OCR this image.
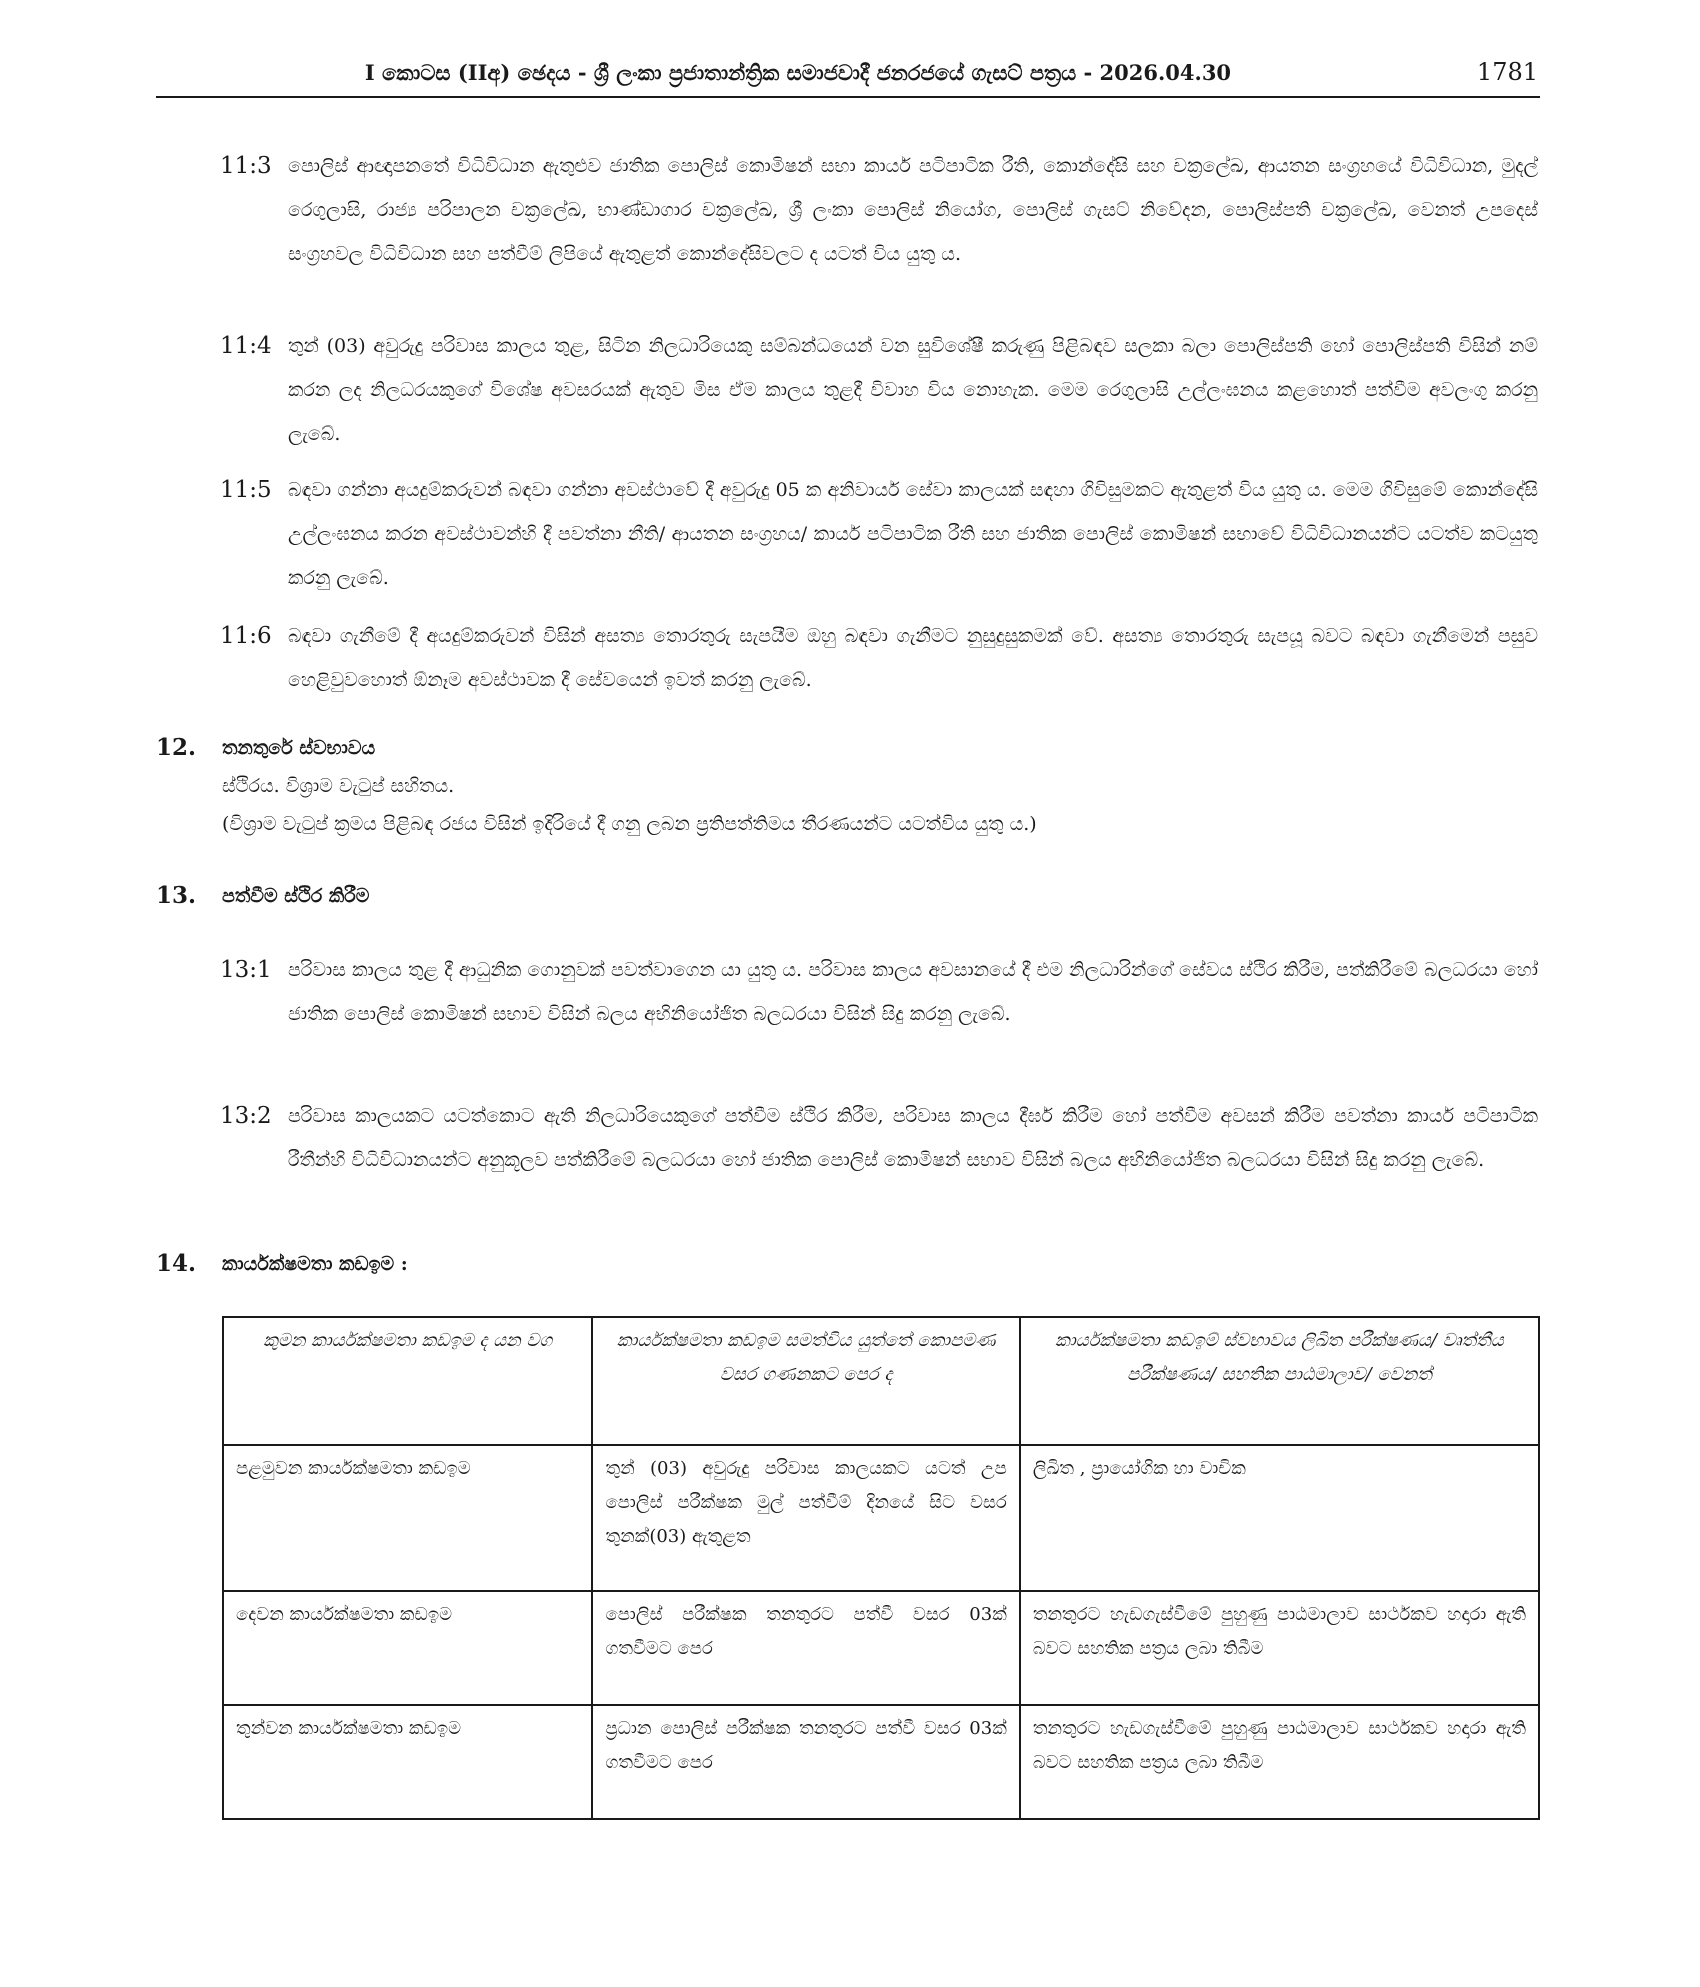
I කොටස (IIඅ) ඡෙදය - ශ්‍රී ලංකා ප්‍රජාතාන්ත්‍රික සමාජවාදී ජනරජයේ ගැසට් පත්‍රය - 2026.04.30	1781
11:3 පොලිස් ආඥාපනතේ විධිවිධාන ඇතුළුව ජාතික පොලිස් කොමිෂන් සභා කාර්ය පටිපාටික රීති, කොන්දේසි සහ චක්‍රලේඛ, ආයතන සංග්‍රහයේ විධිවිධාන, මුදල් රෙගුලාසි, රාජ්‍ය පරිපාලන චක්‍රලේඛ, භාණ්ඩාගාර චක්‍රලේඛ, ශ්‍රී ලංකා පොලිස් නියෝග, පොලිස් ගැසට් නිවේදන, පොලිස්පති චක්‍රලේඛ, වෙනත් උපදෙස් සංග්‍රහවල විධිවිධාන සහ පත්වීම් ලිපියේ ඇතුළත් කොන්දේසිවලට ද යටත් විය යුතු ය.
11:4 තුන් (03) අවුරුදු පරිවාස කාලය තුළ, සිටින නිලධාරියෙකු සම්බන්ධයෙන් වන සුවිශේෂී කරුණු පිළිබඳව සලකා බලා පොලිස්පති හෝ පොලිස්පති විසින් නම් කරන ලද නිලධරයකුගේ විශේෂ අවසරයක් ඇතුව මිස ඒම කාලය තුළදී විවාහ විය නොහැක. මෙම රෙගුලාසි උල්ලංඝනය කළහොත් පත්වීම අවලංගු කරනු ලැබේ.
11:5 බඳවා ගන්නා අයදුම්කරුවන් බඳවා ගන්නා අවස්ථාවේ දී අවුරුදු 05 ක අනිවාර්ය සේවා කාලයක් සඳහා ගිවිසුමකට ඇතුළත් විය යුතු ය. මෙම ගිවිසුමේ කොන්දේසි උල්ලංඝනය කරන අවස්ථාවන්හි දී පවත්නා නීති/ ආයතන සංග්‍රහය/ කාර්ය පටිපාටික රීති සහ ජාතික පොලිස් කොමිෂන් සභාවේ විධිවිධානයන්ට යටත්ව කටයුතු කරනු ලැබේ.
11:6 බඳවා ගැනීමේ දී අයදුම්කරුවන් විසින් අසත්‍ය තොරතුරු සැපයීම ඔහු බඳවා ගැනීමට නුසුදුසුකමක් වේ. අසත්‍ය තොරතුරු සැපයූ බවට බඳවා ගැනීමෙන් පසුව හෙළිවුවහොත් ඕනෑම අවස්ථාවක දී සේවයෙන් ඉවත් කරනු ලැබේ.
12. තනතුරේ ස්වභාවය
ස්ථිරය. විශ්‍රාම වැටුප් සහිතය.
(විශ්‍රාම වැටුප් ක්‍රමය පිළිබඳ රජය විසින් ඉදිරියේ දී ගනු ලබන ප්‍රතිපත්තිමය තීරණයන්ට යටත්විය යුතු ය.)
13. පත්වීම ස්ථිර කිරීම
13:1 පරිවාස කාලය තුළ දී ආධුනික ගොනුවක් පවත්වාගෙන යා යුතු ය. පරිවාස කාලය අවසානයේ දී එම නිලධාරින්ගේ සේවය ස්ථිර කිරීම, පත්කිරීමේ බලධරයා හෝ ජාතික පොලිස් කොමිෂන් සභාව විසින් බලය අභිනියෝජිත බලධරයා විසින් සිදු කරනු ලැබේ.
13:2 පරිවාස කාලයකට යටත්කොට ඇති නිලධාරියෙකුගේ පත්වීම ස්ථිර කිරීම, පරිවාස කාලය දීර්ඝ කිරීම හෝ පත්වීම අවසන් කිරීම පවත්නා කාර්ය පටිපාටික රීතීන්හි විධිවිධානයන්ට අනුකූලව පත්කිරීමේ බලධරයා හෝ ජාතික පොලිස් කොමිෂන් සභාව විසින් බලය අභිනියෝජිත බලධරයා විසින් සිදු කරනු ලැබේ.
14. කාර්යක්ෂමතා කඩඉම :
කුමන කාර්යක්ෂමතා කඩඉම ද යන වග	කාර්යක්ෂමතා කඩඉම සමත්විය යුත්තේ කොපමණ වසර ගණනකට පෙර ද	කාර්යක්ෂමතා කඩඉම් ස්වභාවය ලිඛිත පරීක්ෂණය/ වෘත්තීය පරීක්ෂණය/ සහතික පාඨමාලාව/ වෙනත්
පළමුවන කාර්යක්ෂමතා කඩඉම	තුන් (03) අවුරුදු පරිවාස කාලයකට යටත් උප පොලිස් පරීක්ෂක මුල් පත්වීම් දිනයේ සිට වසර තුනක්(03) ඇතුළත	ලිඛිත , ප්‍රායෝගික හා වාචික
දෙවන කාර්යක්ෂමතා කඩඉම	පොලිස් පරීක්ෂක තනතුරට පත්වී වසර 03ක් ගතවීමට පෙර	තනතුරට හැඩගැස්වීමේ පුහුණු පාඨමාලාව සාර්ථකව හදාරා ඇති බවට සහතික පත්‍රය ලබා තිබීම
තුන්වන කාර්යක්ෂමතා කඩඉම	ප්‍රධාන පොලිස් පරීක්ෂක තනතුරට පත්වී වසර 03ක් ගතවීමට පෙර	තනතුරට හැඩගැස්වීමේ පුහුණු පාඨමාලාව සාර්ථකව හදාරා ඇති බවට සහතික පත්‍රය ලබා තිබීම
